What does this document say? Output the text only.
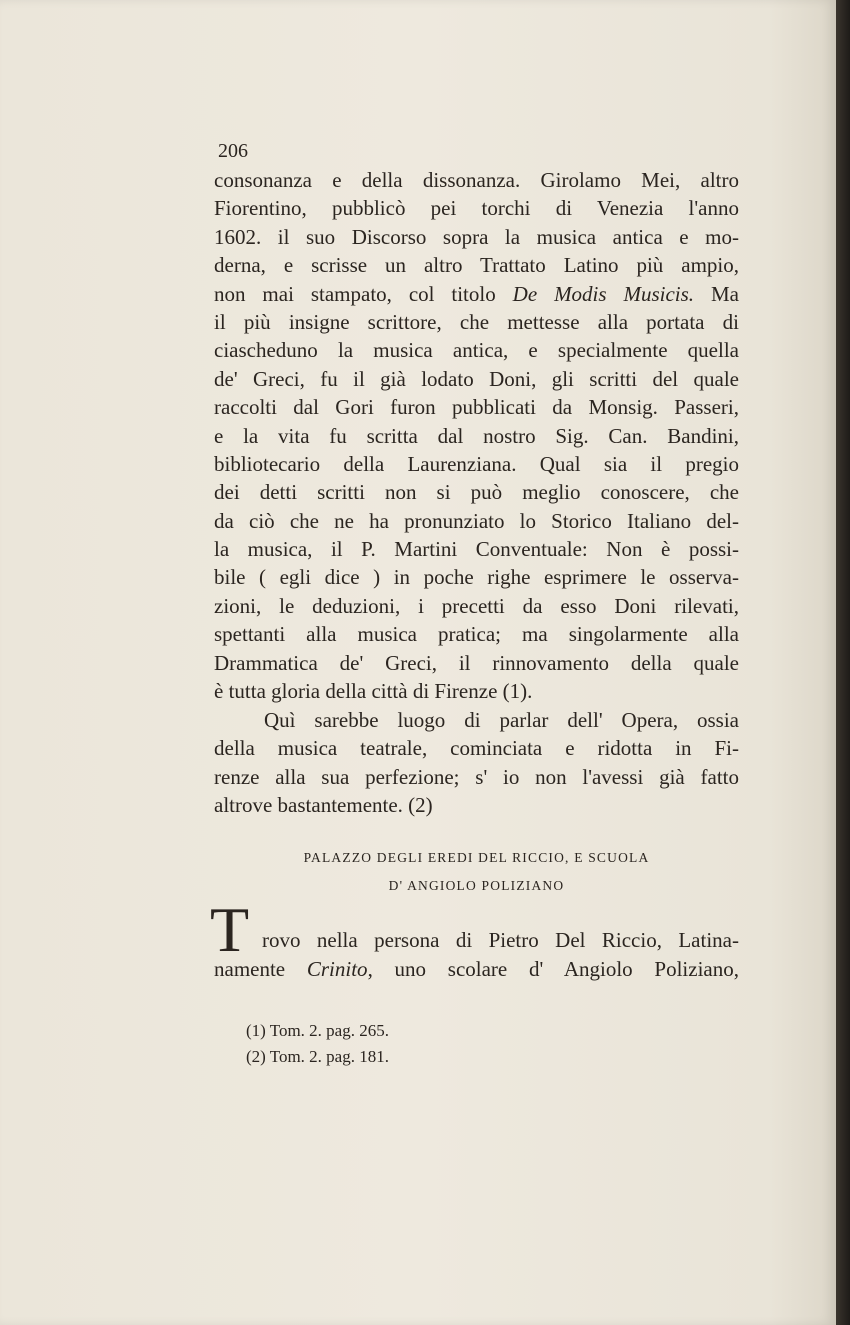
206
consonanza e della dissonanza. Girolamo Mei, altro
Fiorentino, pubblicò pei torchi di Venezia l'anno
1602. il suo Discorso sopra la musica antica e mo-
derna, e scrisse un altro Trattato Latino più ampio,
non mai stampato, col titolo De Modis Musicis. Ma
il più insigne scrittore, che mettesse alla portata di
ciascheduno la musica antica, e specialmente quella
de' Greci, fu il già lodato Doni, gli scritti del quale
raccolti dal Gori furon pubblicati da Monsig. Passeri,
e la vita fu scritta dal nostro Sig. Can. Bandini,
bibliotecario della Laurenziana. Qual sia il pregio
dei detti scritti non si può meglio conoscere, che
da ciò che ne ha pronunziato lo Storico Italiano del-
la musica, il P. Martini Conventuale: Non è possi-
bile ( egli dice ) in poche righe esprimere le osserva-
zioni, le deduzioni, i precetti da esso Doni rilevati,
spettanti alla musica pratica; ma singolarmente alla
Drammatica de' Greci, il rinnovamento della quale
è tutta gloria della città di Firenze (1).
Quì sarebbe luogo di parlar dell' Opera, ossia
della musica teatrale, cominciata e ridotta in Fi-
renze alla sua perfezione; s' io non l'avessi già fatto
altrove bastantemente. (2)
PALAZZO DEGLI EREDI DEL RICCIO, E SCUOLA
D' ANGIOLO POLIZIANO
T rovo nella persona di Pietro Del Riccio, Latina-
namente Crinito, uno scolare d' Angiolo Poliziano,
(1) Tom. 2. pag. 265.
(2) Tom. 2. pag. 181.
